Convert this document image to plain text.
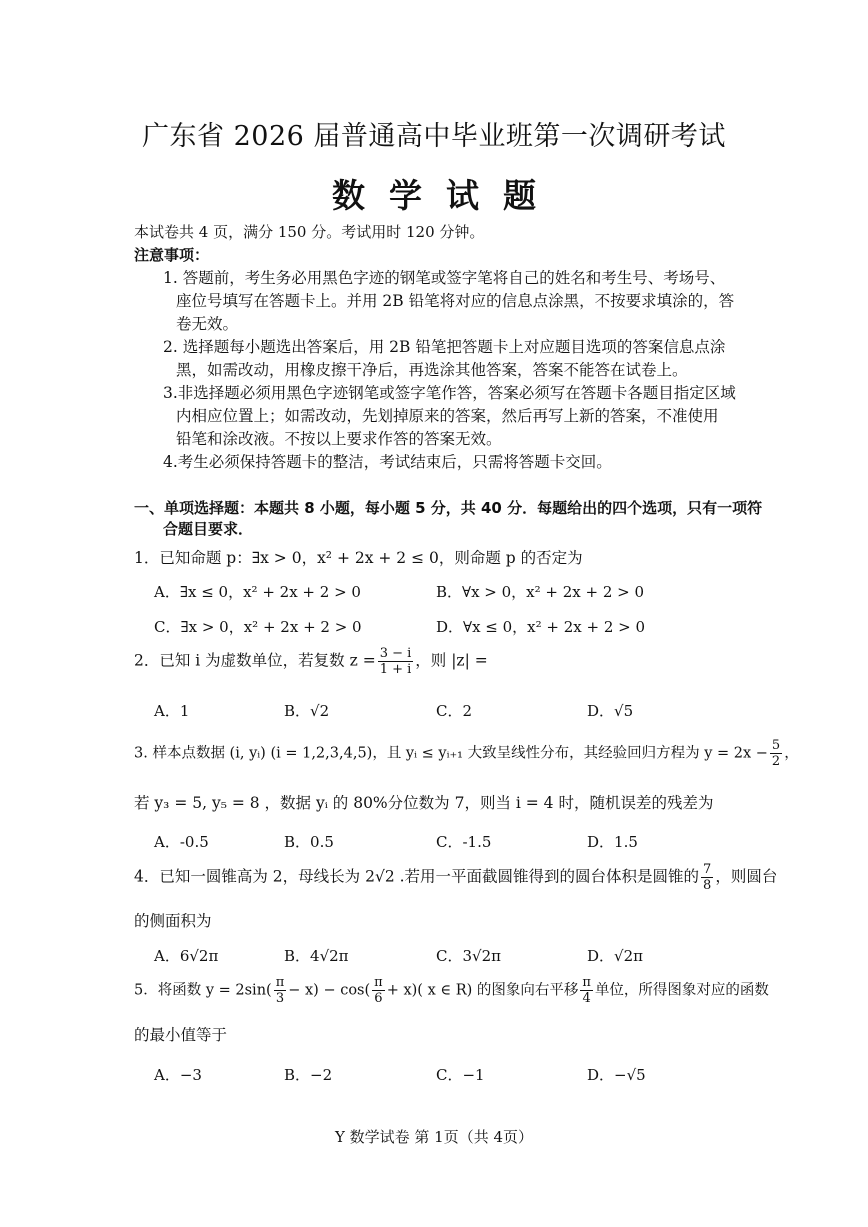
广东省 2026 届普通高中毕业班第一次调研考试
数学试题
本试卷共 4 页，满分 150 分。考试用时 120 分钟。
注意事项：
1. 答题前，考生务必用黑色字迹的钢笔或签字笔将自己的姓名和考生号、考场号、
座位号填写在答题卡上。并用 2B 铅笔将对应的信息点涂黑，不按要求填涂的，答
卷无效。
2. 选择题每小题选出答案后，用 2B 铅笔把答题卡上对应题目选项的答案信息点涂
黑，如需改动，用橡皮擦干净后，再选涂其他答案，答案不能答在试卷上。
3.非选择题必须用黑色字迹钢笔或签字笔作答，答案必须写在答题卡各题目指定区域
内相应位置上；如需改动，先划掉原来的答案，然后再写上新的答案，不准使用
铅笔和涂改液。不按以上要求作答的答案无效。
4.考生必须保持答题卡的整洁，考试结束后，只需将答题卡交回。
一、单项选择题：本题共 8 小题，每小题 5 分，共 40 分．每题给出的四个选项，只有一项符
合题目要求．
1．已知命题 p：∃x > 0，x² + 2x + 2 ≤ 0，则命题 p 的否定为
A．∃x ≤ 0，x² + 2x + 2 > 0	B．∀x > 0，x² + 2x + 2 > 0
C．∃x > 0，x² + 2x + 2 > 0	D．∀x ≤ 0，x² + 2x + 2 > 0
2．已知 i 为虚数单位，若复数 $z = \frac{3 - i}{1 + i}$ ，则 |z| =
A．1	B．√2	C．2	D．√5
3. 样本点数据 (i, yᵢ) (i = 1,2,3,4,5)，且 yᵢ ≤ yᵢ₊₁ 大致呈线性分布，其经验回归方程为 $y = 2x - \frac{5}{2}$ ，
若 y₃ = 5, y₅ = 8 ，数据 yᵢ 的 80%分位数为 7，则当 i = 4 时，随机误差的残差为
A．-0.5	B．0.5	C．-1.5	D．1.5
4．已知一圆锥高为 2，母线长为 2√2 .若用一平面截圆锥得到的圆台体积是圆锥的 $\frac{7}{8}$ ，则圆台
的侧面积为
A．6√2π	B．4√2π	C．3√2π	D．√2π
5．将函数 $y = 2\sin( \frac{\pi}{3} - x) - \cos( \frac{\pi}{6} + x)$( x ∈ R) 的图象向右平移 $\frac{\pi}{4}$ 单位，所得图象对应的函数
的最小值等于
A．−3	B．−2	C．−1	D．−√5
Y 数学试卷 第 1页（共 4页）
